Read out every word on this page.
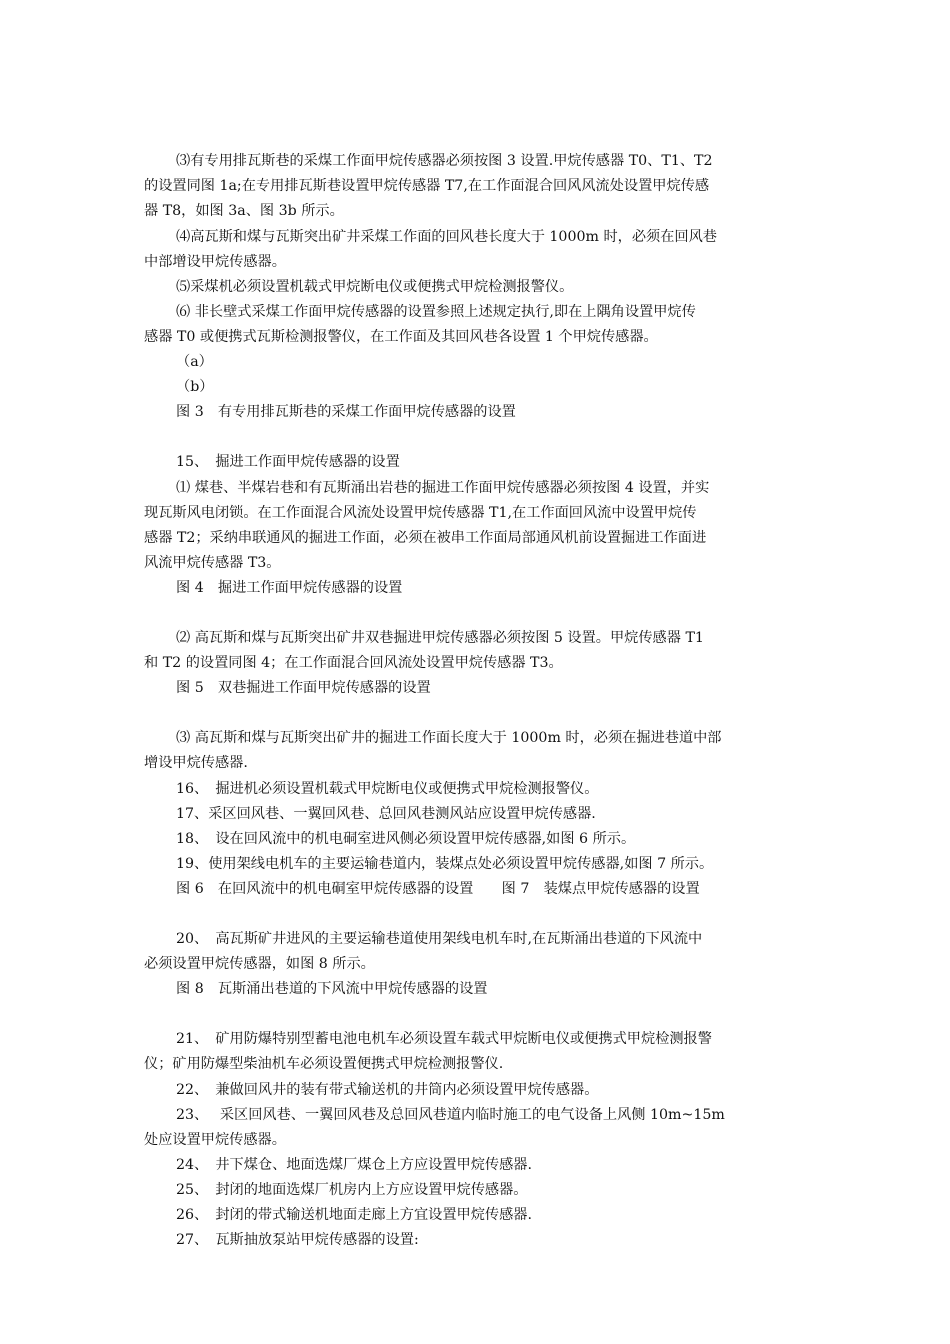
⑶有专用排瓦斯巷的采煤工作面甲烷传感器必须按图 3 设置.甲烷传感器 T0、T1、T2
的设置同图 1a;在专用排瓦斯巷设置甲烷传感器 T7,在工作面混合回风风流处设置甲烷传感
器 T8，如图 3a、图 3b 所示。
⑷高瓦斯和煤与瓦斯突出矿井采煤工作面的回风巷长度大于 1000m 时，必须在回风巷
中部增设甲烷传感器。
⑸采煤机必须设置机载式甲烷断电仪或便携式甲烷检测报警仪。
⑹ 非长壁式采煤工作面甲烷传感器的设置参照上述规定执行,即在上隅角设置甲烷传
感器 T0 或便携式瓦斯检测报警仪，在工作面及其回风巷各设置 1 个甲烷传感器。
（a）
（b）
图 3　有专用排瓦斯巷的采煤工作面甲烷传感器的设置
15、　掘进工作面甲烷传感器的设置
⑴ 煤巷、半煤岩巷和有瓦斯涌出岩巷的掘进工作面甲烷传感器必须按图 4 设置，并实
现瓦斯风电闭锁。在工作面混合风流处设置甲烷传感器 T1,在工作面回风流中设置甲烷传
感器 T2；采纳串联通风的掘进工作面，必须在被串工作面局部通风机前设置掘进工作面进
风流甲烷传感器 T3。
图 4　掘进工作面甲烷传感器的设置
⑵ 高瓦斯和煤与瓦斯突出矿井双巷掘进甲烷传感器必须按图 5 设置。甲烷传感器 T1
和 T2 的设置同图 4；在工作面混合回风流处设置甲烷传感器 T3。
图 5　双巷掘进工作面甲烷传感器的设置
⑶ 高瓦斯和煤与瓦斯突出矿井的掘进工作面长度大于 1000m 时，必须在掘进巷道中部
增设甲烷传感器.
16、　掘进机必须设置机载式甲烷断电仪或便携式甲烷检测报警仪。
17、采区回风巷、一翼回风巷、总回风巷测风站应设置甲烷传感器.
18、　设在回风流中的机电硐室进风侧必须设置甲烷传感器,如图 6 所示。
19、使用架线电机车的主要运输巷道内，装煤点处必须设置甲烷传感器,如图 7 所示。
图 6　在回风流中的机电硐室甲烷传感器的设置　　图 7　装煤点甲烷传感器的设置
20、　高瓦斯矿井进风的主要运输巷道使用架线电机车时,在瓦斯涌出巷道的下风流中
必须设置甲烷传感器，如图 8 所示。
图 8　瓦斯涌出巷道的下风流中甲烷传感器的设置
21、　矿用防爆特别型蓄电池电机车必须设置车载式甲烷断电仪或便携式甲烷检测报警
仪；矿用防爆型柴油机车必须设置便携式甲烷检测报警仪.
22、　兼做回风井的装有带式输送机的井筒内必须设置甲烷传感器。
23、　 采区回风巷、一翼回风巷及总回风巷道内临时施工的电气设备上风侧 10m~15m
处应设置甲烷传感器。
24、　井下煤仓、地面选煤厂煤仓上方应设置甲烷传感器.
25、　封闭的地面选煤厂机房内上方应设置甲烷传感器。
26、　封闭的带式输送机地面走廊上方宜设置甲烷传感器.
27、　瓦斯抽放泵站甲烷传感器的设置:
